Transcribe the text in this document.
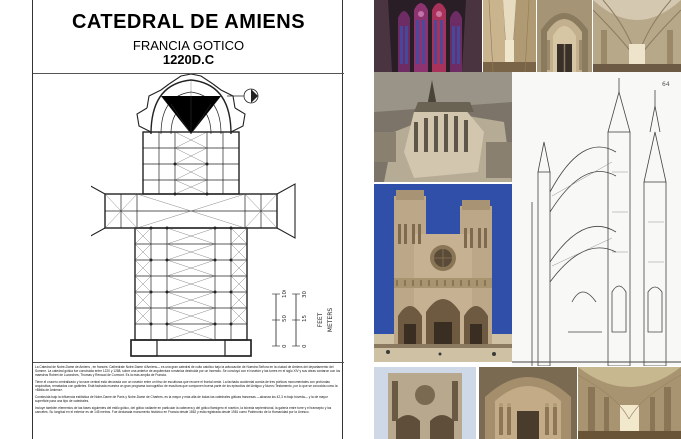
CATEDRAL DE AMIENS
FRANCIA GOTICO
1220D.C
0
50
100
0
15
30
FEET METERS

La Catedral de Notre-Dame de Amiens , en francés: Cathédrale Notre-Dame d'Amiens— es una gran catedral de culto católico bajo la advocación de Nuestra Señora en la ciudad de Amiens del departamento del Somme. La catedral gótica fue construida entre 1220 y 1288, sobre una anterior de arquitectura románica destruida por un incendio. Se concluyó con el rosetón y las torres en el siglo XIV y sus obras contaron con los maestros Robert de Luzarches, Thomas y Renaud de Cormont. Es la más amplia de Francia.

Tiene el crucero centralizado y la nave central está decorada con un rosetón entre un friso de esculturas que recorre el frontal oeste. La fachada occidental consta de tres pórticos monumentales con profundas arquivoltas, rematados con gabletes. Está fachada muestra un gran programa iconográfico de escultura que componen buena parte de los episodios del Antiguo y Nuevo Testamento, por lo que se conocida como la «Biblia de Amiens».

Construida bajo la influencia estilística de Notre-Dame de París y Notre-Dame de Chartres, es la mayor y más alta de todas las catedrales góticas francesas —alcanza los 42,3 m bajo bóveda— y la de mayor superficie para una tipo de catedrales.

Incluye también elementos de las fases siguientes del estilo gótico, del gótico radiante en particular la cabecera y del gótico flamígero el rosetón, la bóveda septentrional, la galería entre torre y el transepto y los canceles. Su longitud en el exterior es de 145 metros. Fue declarada monumento histórico en Francia desde 1862 y está registrada desde 1981 como Patrimonio de la Humanidad por la Unesco.

64
